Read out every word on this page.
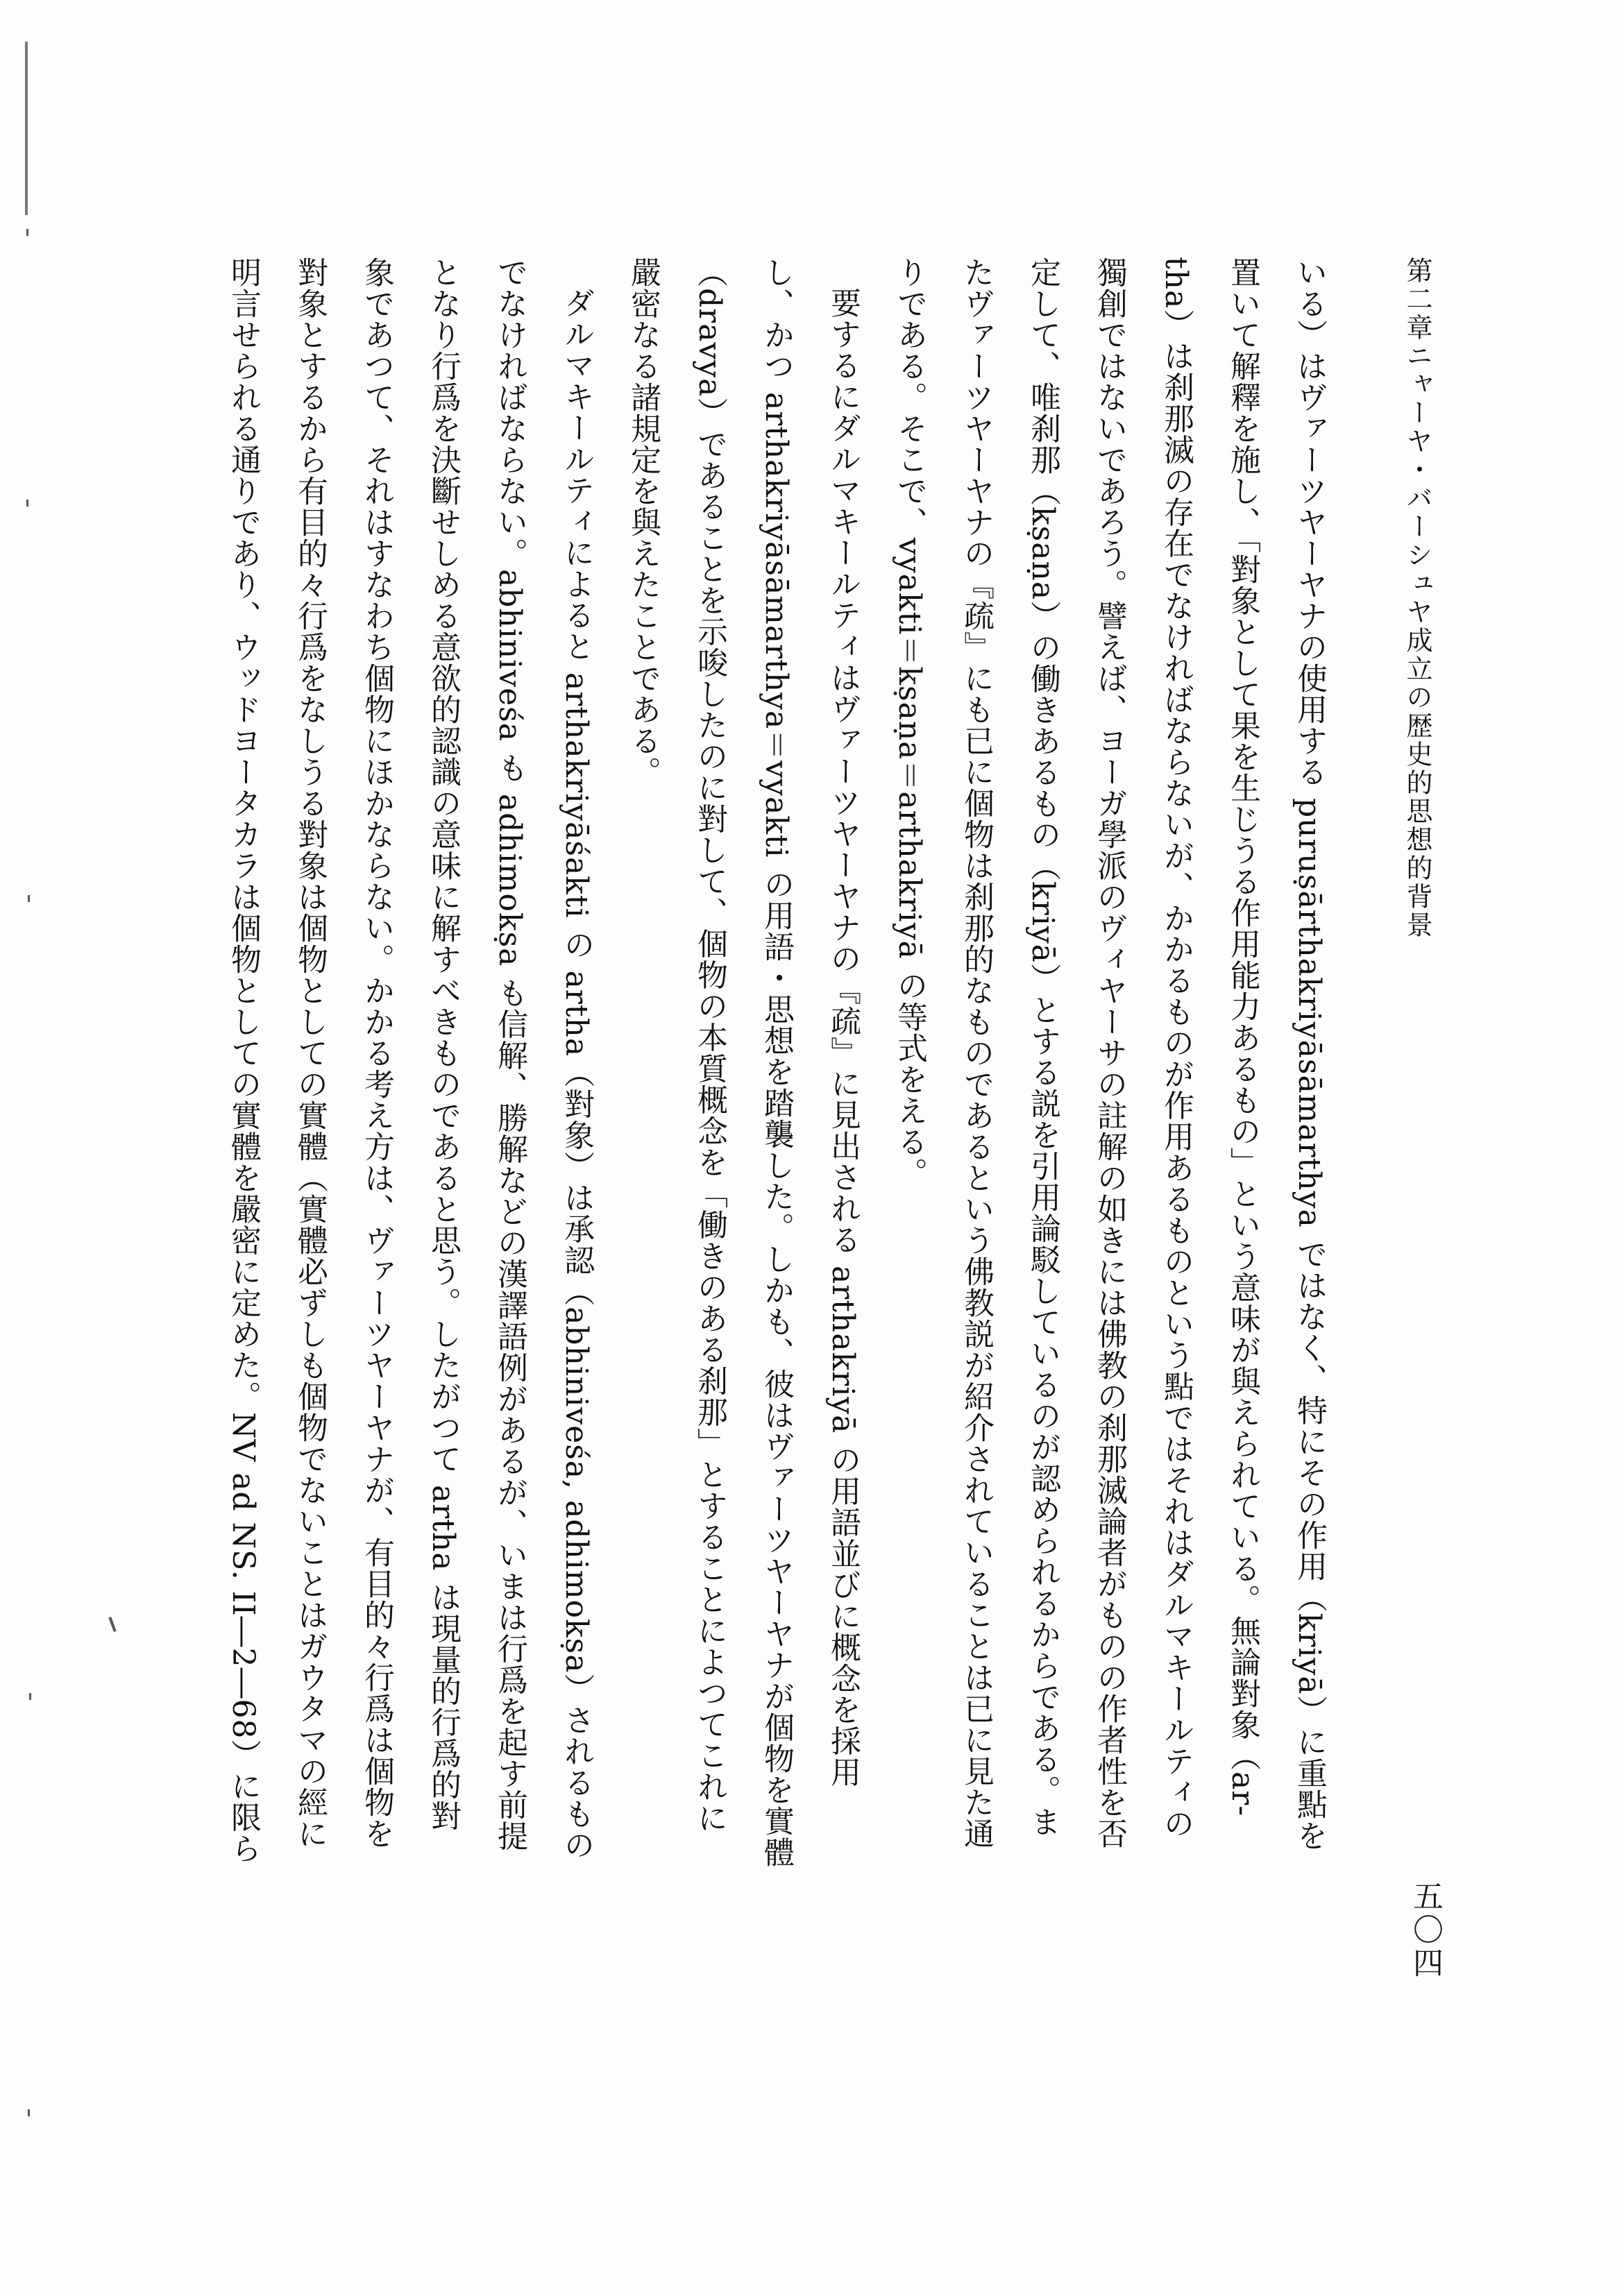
第二章ニャーヤ・バーシュヤ成立の歴史的思想的背景
いる）はヴァーツヤーヤナの使用する puruṣārthakriyāsāmarthya ではなく、特にその作用（kriyā）に重點を
置いて解釋を施し、「對象として果を生じうる作用能力あるもの」という意味が與えられている。無論對象（ar-
tha）は刹那滅の存在でなければならないが、かかるものが作用あるものという點ではそれはダルマキールティの
獨創ではないであろう。譬えば、ヨーガ學派のヴィヤーサの註解の如きには佛教の刹那滅論者がものの作者性を否
定して、唯刹那（kṣaṇa）の働きあるもの（kriyā）とする説を引用論駁しているのが認められるからである。ま
たヴァーツヤーヤナの『疏』にも已に個物は刹那的なものであるという佛教説が紹介されていることは已に見た通
りである。そこで、vyakti＝kṣaṇa＝arthakriyā の等式をえる。
要するにダルマキールティはヴァーツヤーヤナの『疏』に見出される arthakriyā の用語並びに概念を採用
し、かつ arthakriyāsāmarthya＝vyakti の用語・思想を踏襲した。しかも、彼はヴァーツヤーヤナが個物を實體
（dravya）であることを示唆したのに對して、個物の本質概念を「働きのある刹那」とすることによつてこれに
嚴密なる諸規定を與えたことである。
ダルマキールティによると arthakriyāśakti の artha（對象）は承認（abhiniveśa, adhimokṣa）されるもの
でなければならない。abhiniveśa も adhimokṣa も信解、勝解などの漢譯語例があるが、いまは行爲を起す前提
となり行爲を決斷せしめる意欲的認識の意味に解すべきものであると思う。したがつて artha は現量的行爲的對
象であつて、それはすなわち個物にほかならない。かかる考え方は、ヴァーツヤーヤナが、有目的々行爲は個物を
對象とするから有目的々行爲をなしうる對象は個物としての實體（實體必ずしも個物でないことはガウタマの經に
明言せられる通りであり、ウッドヨータカラは個物としての實體を嚴密に定めた。NV ad NS. II―2―68）に限ら
五〇四
